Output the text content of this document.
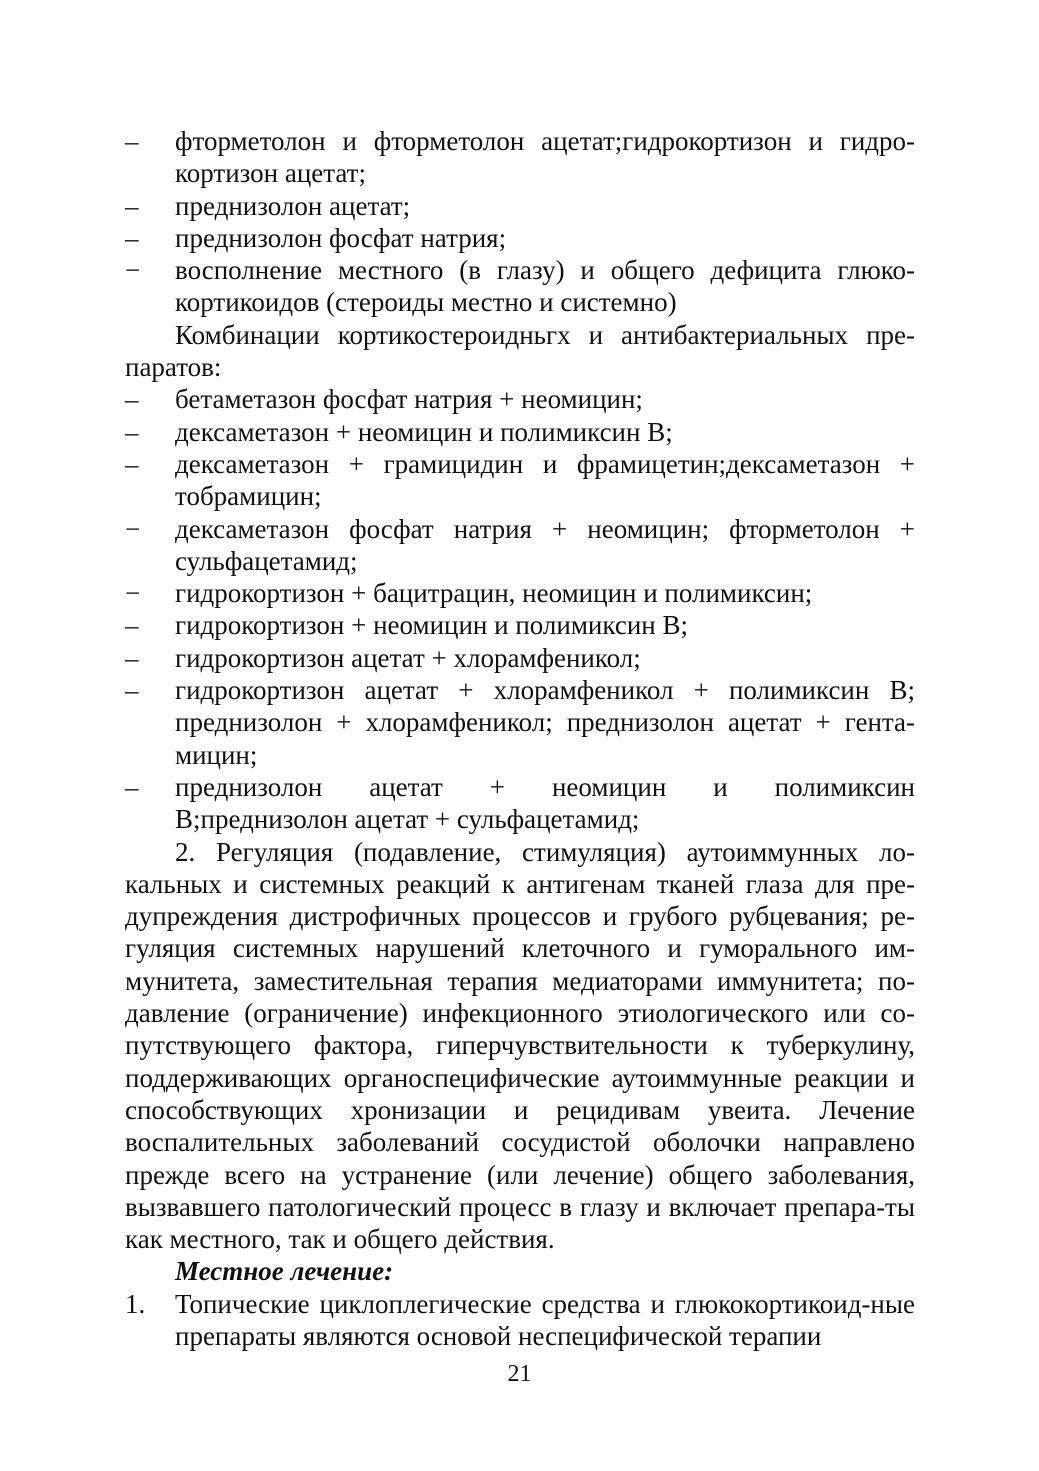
– фторметолон и фторметолон ацетат;гидрокортизон и гидро-кортизон ацетат;
– преднизолон ацетат;
– преднизолон фосфат натрия;
− восполнение местного (в глазу) и общего дефицита глюко-кортикоидов (стероиды местно и системно)
Комбинации кортикостероидньгх и антибактериальных пре-паратов:
– бетаметазон фосфат натрия + неомицин;
– дексаметазон + неомицин и полимиксин B;
– дексаметазон + грамицидин и фрамицетин;дексаметазон + тобрамицин;
− дексаметазон фосфат натрия + неомицин; фторметолон + сульфацетамид;
− гидрокортизон + бацитрацин, неомицин и полимиксин;
– гидрокортизон + неомицин и полимиксин B;
– гидрокортизон ацетат + хлорамфеникол;
– гидрокортизон ацетат + хлорамфеникол + полимиксин B; преднизолон + хлорамфеникол; преднизолон ацетат + гента-мицин;
– преднизолон ацетат + неомицин и полимиксин
B;преднизолон ацетат + сульфацетамид;
2. Регуляция (подавление, стимуляция) аутоиммунных ло-кальных и системных реакций к антигенам тканей глаза для пре-дупреждения дистрофичных процессов и грубого рубцевания; ре-гуляция системных нарушений клеточного и гуморального им-мунитета, заместительная терапия медиаторами иммунитета; по-давление (ограничение) инфекционного этиологического или со-путствующего фактора, гиперчувствительности к туберкулину, поддерживающих органоспецифические аутоиммунные реакции и способствующих хронизации и рецидивам увеита. Лечение воспалительных заболеваний сосудистой оболочки направлено прежде всего на устранение (или лечение) общего заболевания, вызвавшего патологический процесс в глазу и включает препара-ты как местного, так и общего действия.
Местное лечение:
1. Топические циклоплегические средства и глюкокортикоид-ные препараты являются основой неспецифической терапии
21
